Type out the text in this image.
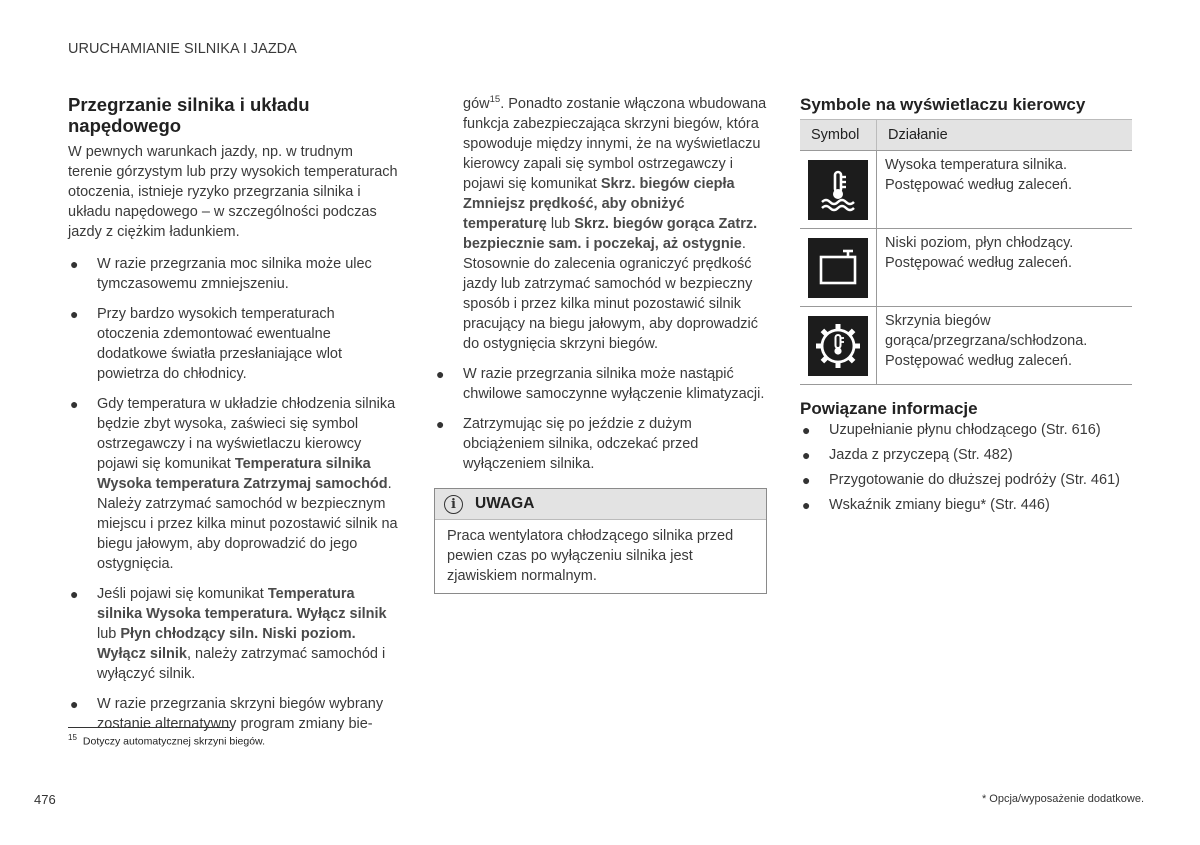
URUCHAMIANIE SILNIKA I JAZDA
Przegrzanie silnika i układu napędowego

W pewnych warunkach jazdy, np. w trudnym terenie górzystym lub przy wysokich temperaturach otoczenia, istnieje ryzyko przegrzania silnika i układu napędowego – w szczególności podczas jazdy z ciężkim ładunkiem.

● W razie przegrzania moc silnika może ulec tymczasowemu zmniejszeniu.
● Przy bardzo wysokich temperaturach otoczenia zdemontować ewentualne dodatkowe światła przesłaniające wlot powietrza do chłodnicy.
● Gdy temperatura w układzie chłodzenia silnika będzie zbyt wysoka, zaświeci się symbol ostrzegawczy i na wyświetlaczu kierowcy pojawi się komunikat Temperatura silnika Wysoka temperatura Zatrzymaj samochód. Należy zatrzymać samochód w bezpiecznym miejscu i przez kilka minut pozostawić silnik na biegu jałowym, aby doprowadzić do jego ostygnięcia.
● Jeśli pojawi się komunikat Temperatura silnika Wysoka temperatura. Wyłącz silnik lub Płyn chłodzący siln. Niski poziom. Wyłącz silnik, należy zatrzymać samochód i wyłączyć silnik.
● W razie przegrzania skrzyni biegów wybrany zostanie alternatywny program zmiany bie-

gów$^{15}$. Ponadto zostanie włączona wbudowana funkcja zabezpieczająca skrzyni biegów, która spowoduje między innymi, że na wyświetlaczu kierowcy zapali się symbol ostrzegawczy i pojawi się komunikat Skrz. biegów ciepła Zmniejsz prędkość, aby obniżyć temperaturę lub Skrz. biegów gorąca Zatrz. bezpiecznie sam. i poczekaj, aż ostygnie. Stosownie do zalecenia ograniczyć prędkość jazdy lub zatrzymać samochód w bezpieczny sposób i przez kilka minut pozostawić silnik pracujący na biegu jałowym, aby doprowadzić do ostygnięcia skrzyni biegów.

● W razie przegrzania silnika może nastąpić chwilowe samoczynne wyłączenie klimatyzacji.
● Zatrzymując się po jeździe z dużym obciążeniem silnika, odczekać przed wyłączeniem silnika.
i	UWAGA
Praca wentylatora chłodzącego silnika przed pewien czas po wyłączeniu silnika jest zjawiskiem normalnym.
Symbole na wyświetlaczu kierowcy
Symbol	Działanie

	Wysoka temperatura silnika. Postępować według zaleceń.

	Niski poziom, płyn chłodzący. Postępować według zaleceń.

	Skrzynia biegów gorąca/przegrzana/schłodzona. Postępować według zaleceń.
Powiązane informacje
● Uzupełnianie płynu chłodzącego (Str. 616)
● Jazda z przyczepą (Str. 482)
● Przygotowanie do dłuższej podróży (Str. 461)
● Wskaźnik zmiany biegu* (Str. 446)
$^{15}$ Dotyczy automatycznej skrzyni biegów.
476	* Opcja/wyposażenie dodatkowe.
